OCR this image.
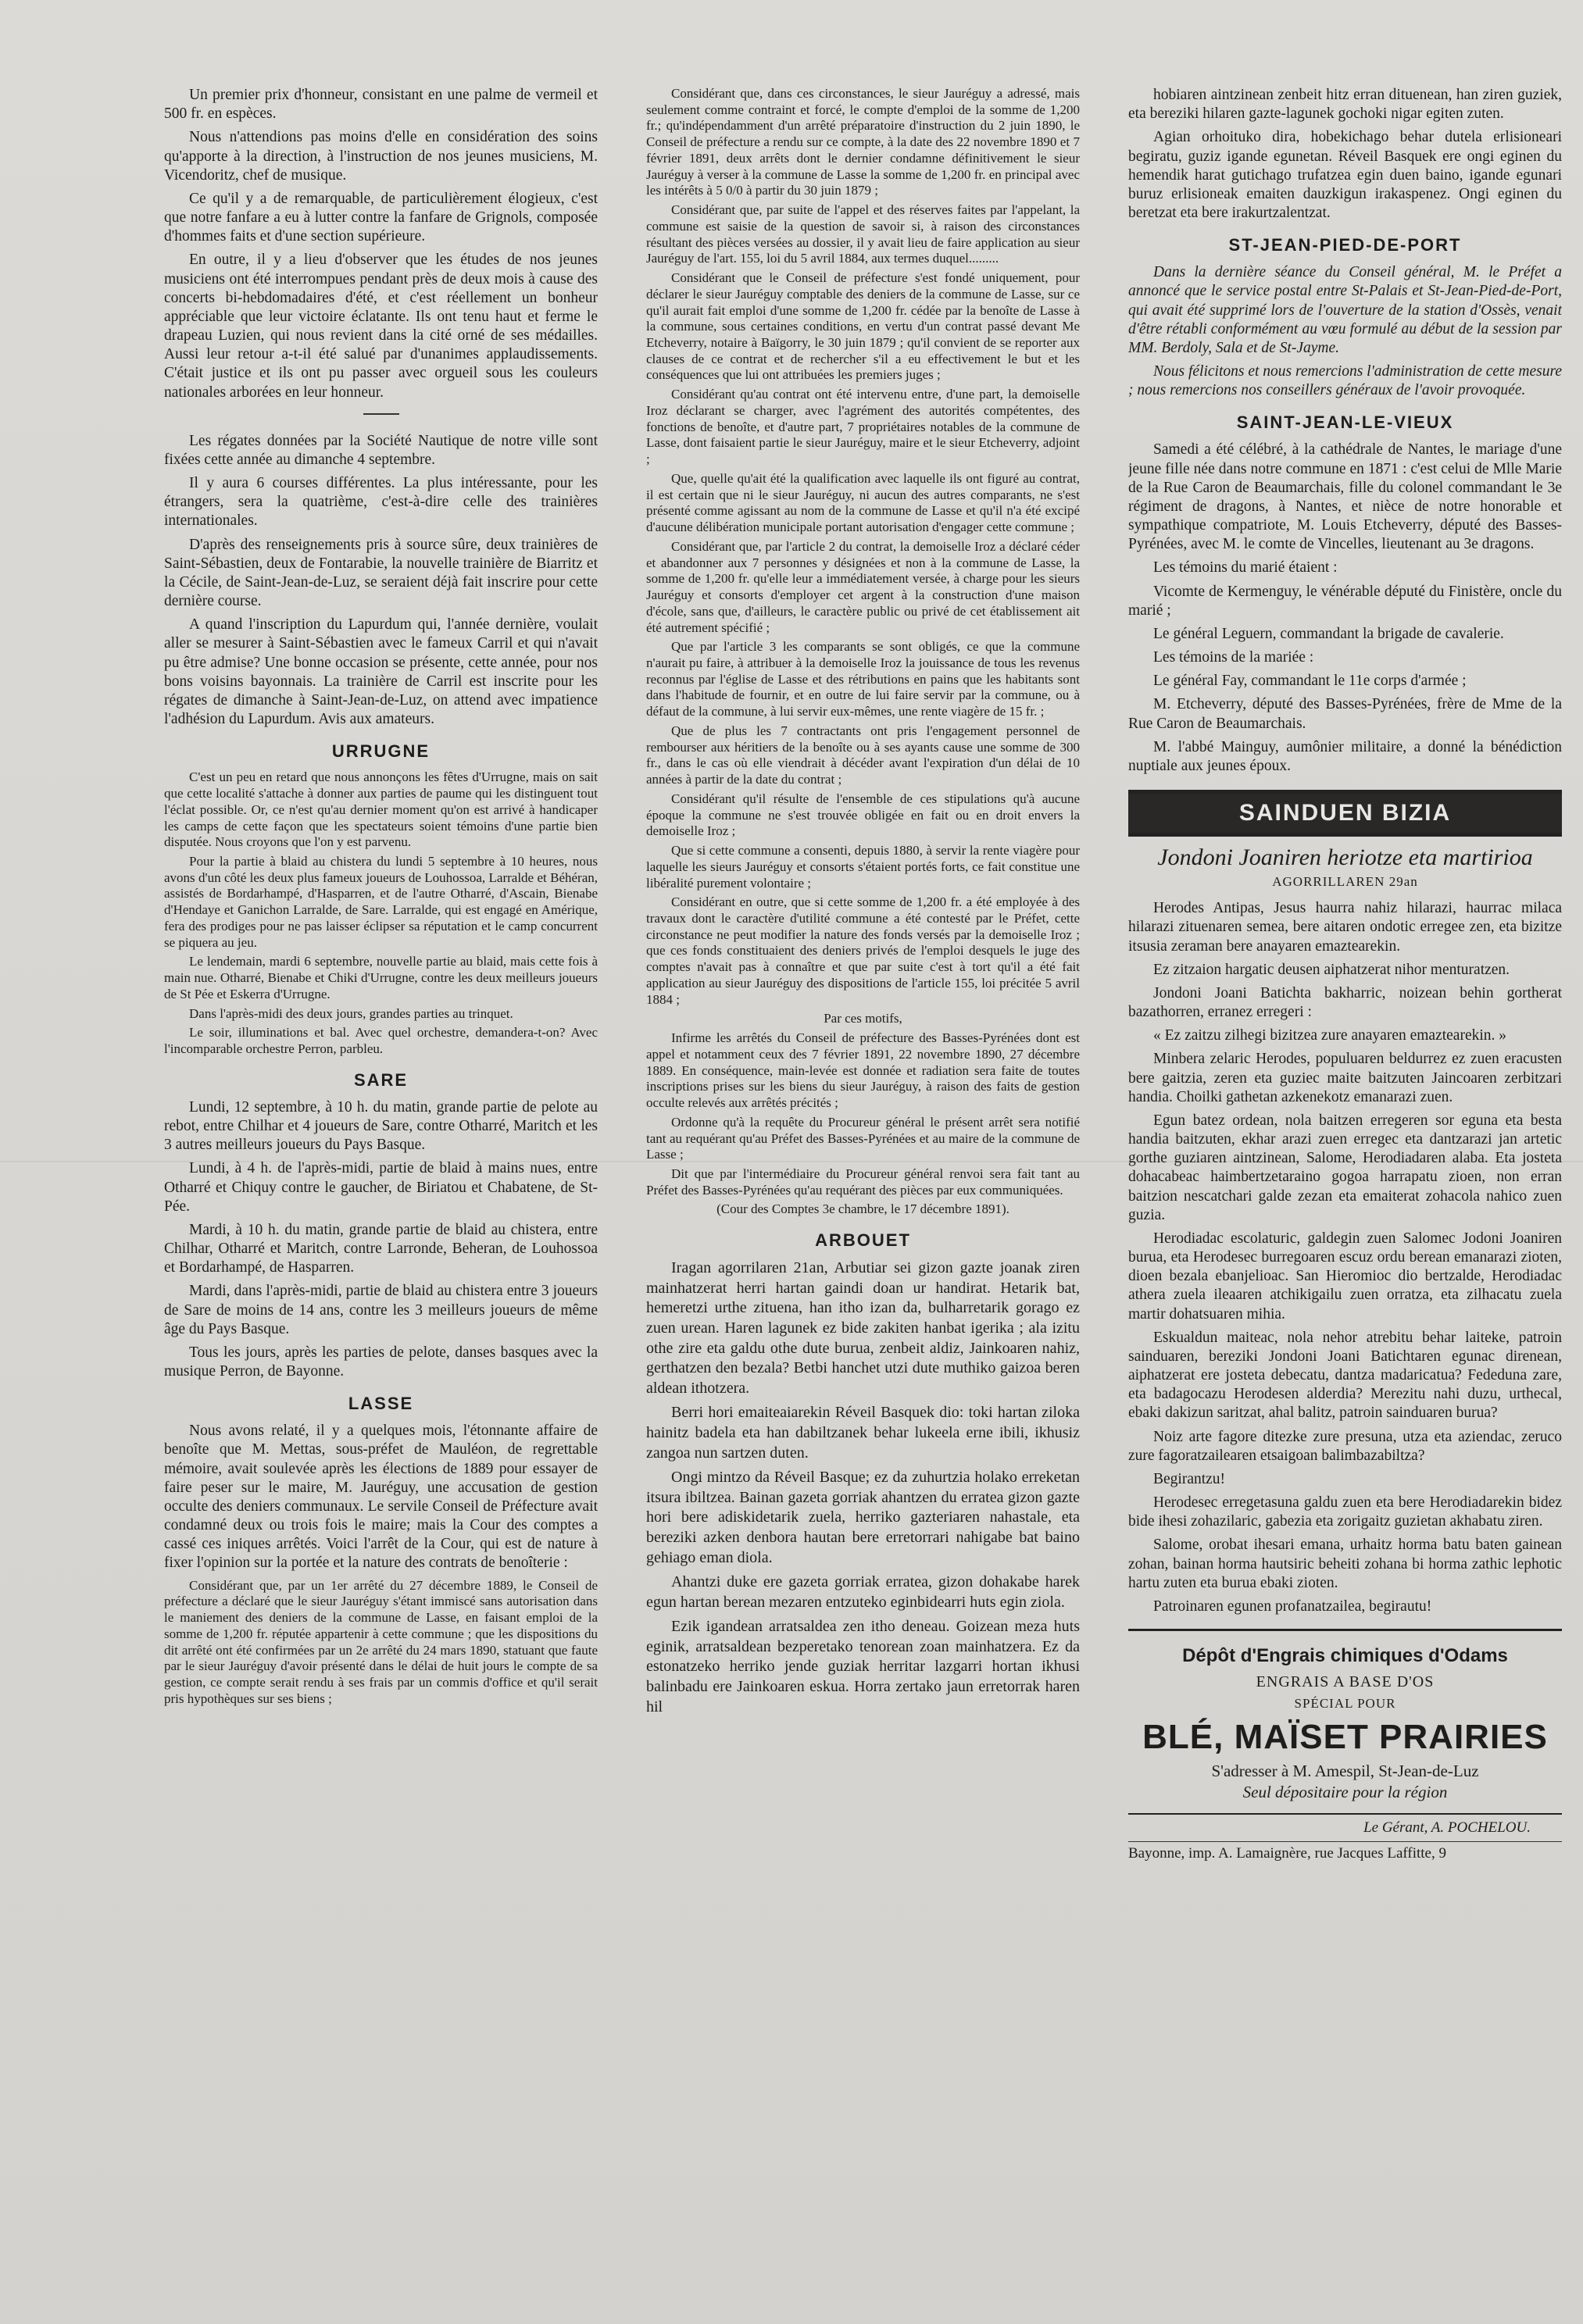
Un premier prix d'honneur, consistant en une palme de vermeil et 500 fr. en espèces.

Nous n'attendions pas moins d'elle en considération des soins qu'apporte à la direction, à l'instruction de nos jeunes musiciens, M. Vicendoritz, chef de musique.

Ce qu'il y a de remarquable, de particulièrement élogieux, c'est que notre fanfare a eu à lutter contre la fanfare de Grignols, composée d'hommes faits et d'une section supérieure.

En outre, il y a lieu d'observer que les études de nos jeunes musiciens ont été interrompues pendant près de deux mois à cause des concerts bi-hebdomadaires d'été, et c'est réellement un bonheur appréciable que leur victoire éclatante. Ils ont tenu haut et ferme le drapeau Luzien, qui nous revient dans la cité orné de ses médailles. Aussi leur retour a-t-il été salué par d'unanimes applaudissements. C'était justice et ils ont pu passer avec orgueil sous les couleurs nationales arborées en leur honneur.

Les régates données par la Société Nautique de notre ville sont fixées cette année au dimanche 4 septembre.

Il y aura 6 courses différentes. La plus intéressante, pour les étrangers, sera la quatrième, c'est-à-dire celle des trainières internationales.

D'après des renseignements pris à source sûre, deux trainières de Saint-Sébastien, deux de Fontarabie, la nouvelle trainière de Biarritz et la Cécile, de Saint-Jean-de-Luz, se seraient déjà fait inscrire pour cette dernière course.

A quand l'inscription du Lapurdum qui, l'année dernière, voulait aller se mesurer à Saint-Sébastien avec le fameux Carril et qui n'avait pu être admise? Une bonne occasion se présente, cette année, pour nos bons voisins bayonnais. La trainière de Carril est inscrite pour les régates de dimanche à Saint-Jean-de-Luz, on attend avec impatience l'adhésion du Lapurdum. Avis aux amateurs.

URRUGNE

C'est un peu en retard que nous annonçons les fêtes d'Urrugne, mais on sait que cette localité s'attache à donner aux parties de paume qui les distinguent tout l'éclat possible. Or, ce n'est qu'au dernier moment qu'on est arrivé à handicaper les camps de cette façon que les spectateurs soient témoins d'une partie bien disputée. Nous croyons que l'on y est parvenu.

Pour la partie à blaid au chistera du lundi 5 septembre à 10 heures, nous avons d'un côté les deux plus fameux joueurs de Louhossoa, Larralde et Béhéran, assistés de Bordarhampé, d'Hasparren, et de l'autre Otharré, d'Ascain, Bienabe d'Hendaye et Ganichon Larralde, de Sare. Larralde, qui est engagé en Amérique, fera des prodiges pour ne pas laisser éclipser sa réputation et le camp concurrent se piquera au jeu.

Le lendemain, mardi 6 septembre, nouvelle partie au blaid, mais cette fois à main nue. Otharré, Bienabe et Chiki d'Urrugne, contre les deux meilleurs joueurs de St Pée et Eskerra d'Urrugne.

Dans l'après-midi des deux jours, grandes parties au trinquet.

Le soir, illuminations et bal. Avec quel orchestre, demandera-t-on? Avec l'incomparable orchestre Perron, parbleu.

SARE

Lundi, 12 septembre, à 10 h. du matin, grande partie de pelote au rebot, entre Chilhar et 4 joueurs de Sare, contre Otharré, Maritch et les 3 autres meilleurs joueurs du Pays Basque.

Lundi, à 4 h. de l'après-midi, partie de blaid à mains nues, entre Otharré et Chiquy contre le gaucher, de Biriatou et Chabatene, de St-Pée.

Mardi, à 10 h. du matin, grande partie de blaid au chistera, entre Chilhar, Otharré et Maritch, contre Larronde, Beheran, de Louhossoa et Bordarhampé, de Hasparren.

Mardi, dans l'après-midi, partie de blaid au chistera entre 3 joueurs de Sare de moins de 14 ans, contre les 3 meilleurs joueurs de même âge du Pays Basque.

Tous les jours, après les parties de pelote, danses basques avec la musique Perron, de Bayonne.

LASSE

Nous avons relaté, il y a quelques mois, l'étonnante affaire de benoîte que M. Mettas, sous-préfet de Mauléon, de regrettable mémoire, avait soulevée après les élections de 1889 pour essayer de faire peser sur le maire, M. Jauréguy, une accusation de gestion occulte des deniers communaux. Le servile Conseil de Préfecture avait condamné deux ou trois fois le maire; mais la Cour des comptes a cassé ces iniques arrêtés. Voici l'arrêt de la Cour, qui est de nature à fixer l'opinion sur la portée et la nature des contrats de benoîterie :

Considérant que, par un 1er arrêté du 27 décembre 1889, le Conseil de préfecture a déclaré que le sieur Jauréguy s'étant immiscé sans autorisation dans le maniement des deniers de la commune de Lasse, en faisant emploi de la somme de 1,200 fr. réputée appartenir à cette commune ; que les dispositions du dit arrêté ont été confirmées par un 2e arrêté du 24 mars 1890, statuant que faute par le sieur Jauréguy d'avoir présenté dans le délai de huit jours le compte de sa gestion, ce compte serait rendu à ses frais par un commis d'office et qu'il serait pris hypothèques sur ses biens ;

Considérant que, dans ces circonstances, le sieur Jauréguy a adressé, mais seulement comme contraint et forcé, le compte d'emploi de la somme de 1,200 fr.; qu'indépendamment d'un arrêté préparatoire d'instruction du 2 juin 1890, le Conseil de préfecture a rendu sur ce compte, à la date des 22 novembre 1890 et 7 février 1891, deux arrêts dont le dernier condamne définitivement le sieur Jauréguy à verser à la commune de Lasse la somme de 1,200 fr. en principal avec les intérêts à 5 0/0 à partir du 30 juin 1879 ;

Considérant que, par suite de l'appel et des réserves faites par l'appelant, la commune est saisie de la question de savoir si, à raison des circonstances résultant des pièces versées au dossier, il y avait lieu de faire application au sieur Jauréguy de l'art. 155, loi du 5 avril 1884, aux termes duquel.........

Considérant que le Conseil de préfecture s'est fondé uniquement, pour déclarer le sieur Jauréguy comptable des deniers de la commune de Lasse, sur ce qu'il aurait fait emploi d'une somme de 1,200 fr. cédée par la benoîte de Lasse à la commune, sous certaines conditions, en vertu d'un contrat passé devant Me Etcheverry, notaire à Baïgorry, le 30 juin 1879 ; qu'il convient de se reporter aux clauses de ce contrat et de rechercher s'il a eu effectivement le but et les conséquences que lui ont attribuées les premiers juges ;

Considérant qu'au contrat ont été intervenu entre, d'une part, la demoiselle Iroz déclarant se charger, avec l'agrément des autorités compétentes, des fonctions de benoîte, et d'autre part, 7 propriétaires notables de la commune de Lasse, dont faisaient partie le sieur Jauréguy, maire et le sieur Etcheverry, adjoint ;

Que, quelle qu'ait été la qualification avec laquelle ils ont figuré au contrat, il est certain que ni le sieur Jauréguy, ni aucun des autres comparants, ne s'est présenté comme agissant au nom de la commune de Lasse et qu'il n'a été excipé d'aucune délibération municipale portant autorisation d'engager cette commune ;

Considérant que, par l'article 2 du contrat, la demoiselle Iroz a déclaré céder et abandonner aux 7 personnes y désignées et non à la commune de Lasse, la somme de 1,200 fr. qu'elle leur a immédiatement versée, à charge pour les sieurs Jauréguy et consorts d'employer cet argent à la construction d'une maison d'école, sans que, d'ailleurs, le caractère public ou privé de cet établissement ait été autrement spécifié ;

Que par l'article 3 les comparants se sont obligés, ce que la commune n'aurait pu faire, à attribuer à la demoiselle Iroz la jouissance de tous les revenus reconnus par l'église de Lasse et des rétributions en pains que les habitants sont dans l'habitude de fournir, et en outre de lui faire servir par la commune, ou à défaut de la commune, à lui servir eux-mêmes, une rente viagère de 15 fr. ;

Que de plus les 7 contractants ont pris l'engagement personnel de rembourser aux héritiers de la benoîte ou à ses ayants cause une somme de 300 fr., dans le cas où elle viendrait à décéder avant l'expiration d'un délai de 10 années à partir de la date du contrat ;

Considérant qu'il résulte de l'ensemble de ces stipulations qu'à aucune époque la commune ne s'est trouvée obligée en fait ou en droit envers la demoiselle Iroz ;

Que si cette commune a consenti, depuis 1880, à servir la rente viagère pour laquelle les sieurs Jauréguy et consorts s'étaient portés forts, ce fait constitue une libéralité purement volontaire ;

Considérant en outre, que si cette somme de 1,200 fr. a été employée à des travaux dont le caractère d'utilité commune a été contesté par le Préfet, cette circonstance ne peut modifier la nature des fonds versés par la demoiselle Iroz ; que ces fonds constituaient des deniers privés de l'emploi desquels le juge des comptes n'avait pas à connaître et que par suite c'est à tort qu'il a été fait application au sieur Jauréguy des dispositions de l'article 155, loi précitée 5 avril 1884 ;

Par ces motifs,

Infirme les arrêtés du Conseil de préfecture des Basses-Pyrénées dont est appel et notamment ceux des 7 février 1891, 22 novembre 1890, 27 décembre 1889. En conséquence, main-levée est donnée et radiation sera faite de toutes inscriptions prises sur les biens du sieur Jauréguy, à raison des faits de gestion occulte relevés aux arrêtés précités ;

Ordonne qu'à la requête du Procureur général le présent arrêt sera notifié tant au requérant qu'au Préfet des Basses-Pyrénées et au maire de la commune de Lasse ;

Dit que par l'intermédiaire du Procureur général renvoi sera fait tant au Préfet des Basses-Pyrénées qu'au requérant des pièces par eux communiquées.

(Cour des Comptes 3e chambre, le 17 décembre 1891).

ARBOUET

Iragan agorrilaren 21an, Arbutiar sei gizon gazte joanak ziren mainhatzerat herri hartan gaindi doan ur handirat. Hetarik bat, hemeretzi urthe zituena, han itho izan da, bulharretarik gorago ez zuen urean. Haren lagunek ez bide zakiten hanbat igerika ; ala izitu othe zire eta galdu othe dute burua, zenbeit aldiz, Jainkoaren nahiz, gerthatzen den bezala? Betbi hanchet utzi dute muthiko gaizoa beren aldean ithotzera.

Berri hori emaiteaiarekin Réveil Basquek dio: toki hartan ziloka hainitz badela eta han dabiltzanek behar lukeela erne ibili, ikhusiz zangoa nun sartzen duten.

Ongi mintzo da Réveil Basque; ez da zuhurtzia holako erreketan itsura ibiltzea. Bainan gazeta gorriak ahantzen du erratea gizon gazte hori bere adiskidetarik zuela, herriko gazteriaren nahastale, eta bereziki azken denbora hautan bere erretorrari nahigabe bat baino gehiago eman diola.

Ahantzi duke ere gazeta gorriak erratea, gizon dohakabe harek egun hartan berean mezaren entzuteko eginbidearri huts egin ziola.

Ezik igandean arratsaldea zen itho deneau. Goizean meza huts eginik, arratsaldean bezperetako tenorean zoan mainhatzera. Ez da estonatzeko herriko jende guziak herritar lazgarri hortan ikhusi balinbadu ere Jainkoaren eskua. Horra zertako jaun erretorrak haren hil

hobiaren aintzinean zenbeit hitz erran dituenean, han ziren guziek, eta bereziki hilaren gazte-lagunek gochoki nigar egiten zuten.

Agian orhoituko dira, hobekichago behar dutela erlisioneari begiratu, guziz igande egunetan. Réveil Basquek ere ongi eginen du hemendik harat gutichago trufatzea egin duen baino, igande egunari buruz erlisioneak emaiten dauzkigun irakaspenez. Ongi eginen du beretzat eta bere irakurtzalentzat.

ST-JEAN-PIED-DE-PORT

Dans la dernière séance du Conseil général, M. le Préfet a annoncé que le service postal entre St-Palais et St-Jean-Pied-de-Port, qui avait été supprimé lors de l'ouverture de la station d'Ossès, venait d'être rétabli conformément au vœu formulé au début de la session par MM. Berdoly, Sala et de St-Jayme.

Nous félicitons et nous remercions l'administration de cette mesure ; nous remercions nos conseillers généraux de l'avoir provoquée.

SAINT-JEAN-LE-VIEUX

Samedi a été célébré, à la cathédrale de Nantes, le mariage d'une jeune fille née dans notre commune en 1871 : c'est celui de Mlle Marie de la Rue Caron de Beaumarchais, fille du colonel commandant le 3e régiment de dragons, à Nantes, et nièce de notre honorable et sympathique compatriote, M. Louis Etcheverry, député des Basses-Pyrénées, avec M. le comte de Vincelles, lieutenant au 3e dragons.

Les témoins du marié étaient :

Vicomte de Kermenguy, le vénérable député du Finistère, oncle du marié ;

Le général Leguern, commandant la brigade de cavalerie.

Les témoins de la mariée :

Le général Fay, commandant le 11e corps d'armée ;

M. Etcheverry, député des Basses-Pyrénées, frère de Mme de la Rue Caron de Beaumarchais.

M. l'abbé Mainguy, aumônier militaire, a donné la bénédiction nuptiale aux jeunes époux.

SAINDUEN BIZIA
Jondoni Joaniren heriotze eta martirioa
AGORRILLAREN 29an

Herodes Antipas, Jesus haurra nahiz hilarazi, haurrac milaca hilarazi zituenaren semea, bere aitaren ondotic erregee zen, eta bizitze itsusia zeraman bere anayaren emaztearekin.

Ez zitzaion hargatic deusen aiphatzerat nihor menturatzen.

Jondoni Joani Batichta bakharric, noizean behin gortherat bazathorren, erranez erregeri :

« Ez zaitzu zilhegi bizitzea zure anayaren emaztearekin. »

Minbera zelaric Herodes, populuaren beldurrez ez zuen eracusten bere gaitzia, zeren eta guziec maite baitzuten Jaincoaren zerbitzari handia. Choilki gathetan azkenekotz emanarazi zuen.

Egun batez ordean, nola baitzen erregeren sor eguna eta besta handia baitzuten, ekhar arazi zuen erregec eta dantzarazi jan artetic gorthe guziaren aintzinean, Salome, Herodiadaren alaba. Eta josteta dohacabeac haimbertzetaraino gogoa harrapatu zioen, non erran baitzion nescatchari galde zezan eta emaiterat zohacola nahico zuen guzia.

Herodiadac escolaturic, galdegin zuen Salomec Jodoni Joaniren burua, eta Herodesec burregoaren escuz ordu berean emanarazi zioten, dioen bezala ebanjelioac. San Hieromioc dio bertzalde, Herodiadac athera zuela ileaaren atchikigailu zuen orratza, eta zilhacatu zuela martir dohatsuaren mihia.

Eskualdun maiteac, nola nehor atrebitu behar laiteke, patroin sainduaren, bereziki Jondoni Joani Batichtaren egunac direnean, aiphatzerat ere josteta debecatu, dantza madaricatua? Fededuna zare, eta badagocazu Herodesen alderdia? Merezitu nahi duzu, urthecal, ebaki dakizun saritzat, ahal balitz, patroin sainduaren burua?

Noiz arte fagore ditezke zure presuna, utza eta aziendac, zeruco zure fagoratzailearen etsaigoan balimbazabiltza?

Begirantzu!

Herodesec erregetasuna galdu zuen eta bere Herodiadarekin bidez bide ihesi zohazilaric, gabezia eta zorigaitz guzietan akhabatu ziren.

Salome, orobat ihesari emana, urhaitz horma batu baten gainean zohan, bainan horma hautsiric beheiti zohana bi horma zathic lephotic hartu zuten eta burua ebaki zioten.

Patroinaren egunen profanatzailea, begirautu!

Dépôt d'Engrais chimiques d'Odams
ENGRAIS A BASE D'OS
SPÉCIAL POUR
BLÉ, MAÏSET PRAIRIES
S'adresser à M. Amespil, St-Jean-de-Luz
Seul dépositaire pour la région
Le Gérant, A. POCHELOU.
Bayonne, imp. A. Lamaignère, rue Jacques Laffitte, 9
